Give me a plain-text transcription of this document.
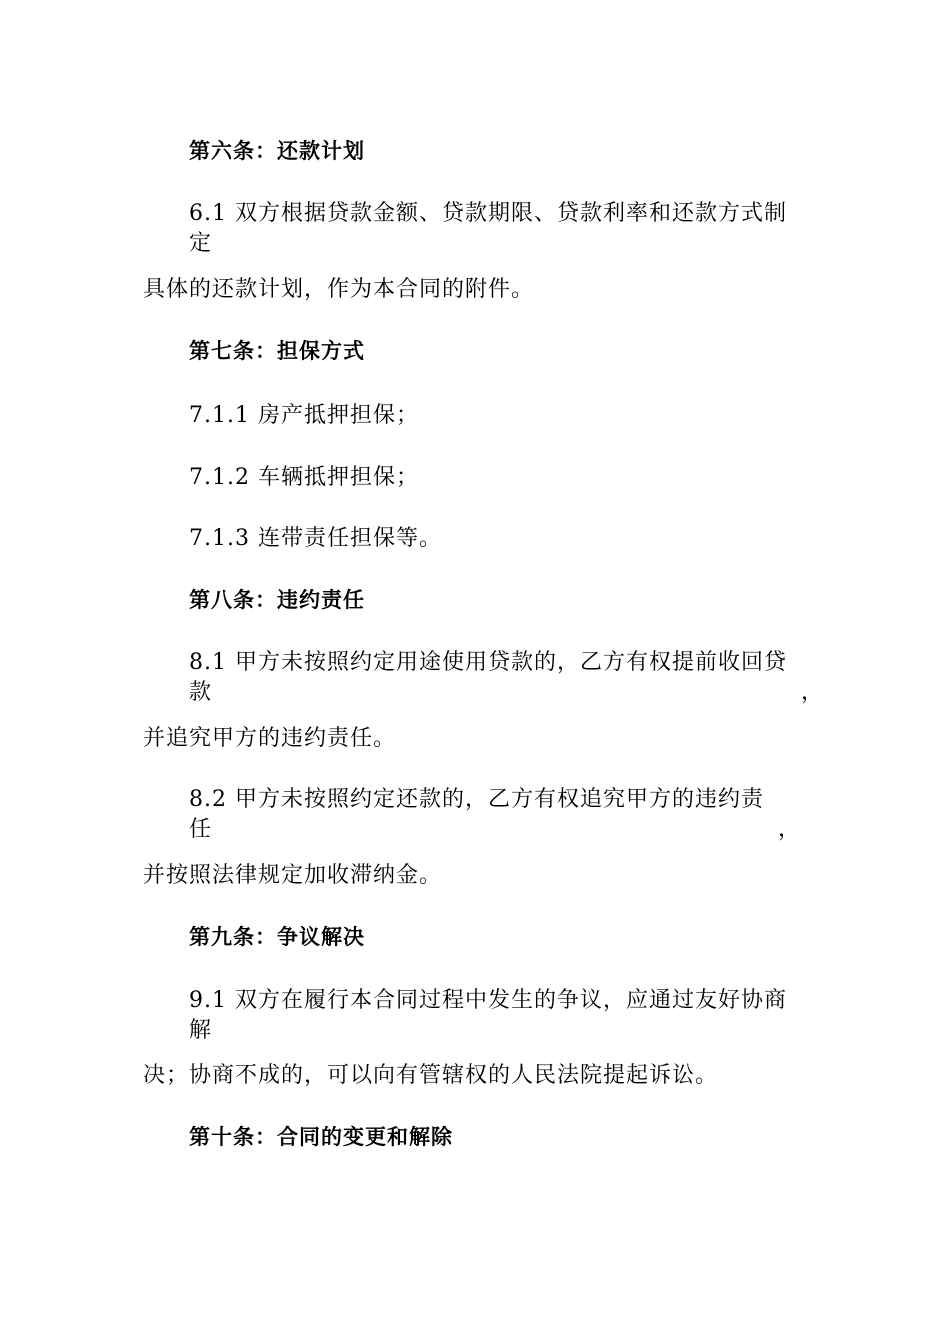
第六条：还款计划
6.1 双方根据贷款金额、贷款期限、贷款利率和还款方式制定
具体的还款计划，作为本合同的附件。
第七条：担保方式
7.1.1 房产抵押担保；
7.1.2 车辆抵押担保；
7.1.3 连带责任担保等。
第八条：违约责任
8.1 甲方未按照约定用途使用贷款的，乙方有权提前收回贷款，
并追究甲方的违约责任。
8.2 甲方未按照约定还款的，乙方有权追究甲方的违约责任，
并按照法律规定加收滞纳金。
第九条：争议解决
9.1 双方在履行本合同过程中发生的争议，应通过友好协商解
决；协商不成的，可以向有管辖权的人民法院提起诉讼。
第十条：合同的变更和解除
